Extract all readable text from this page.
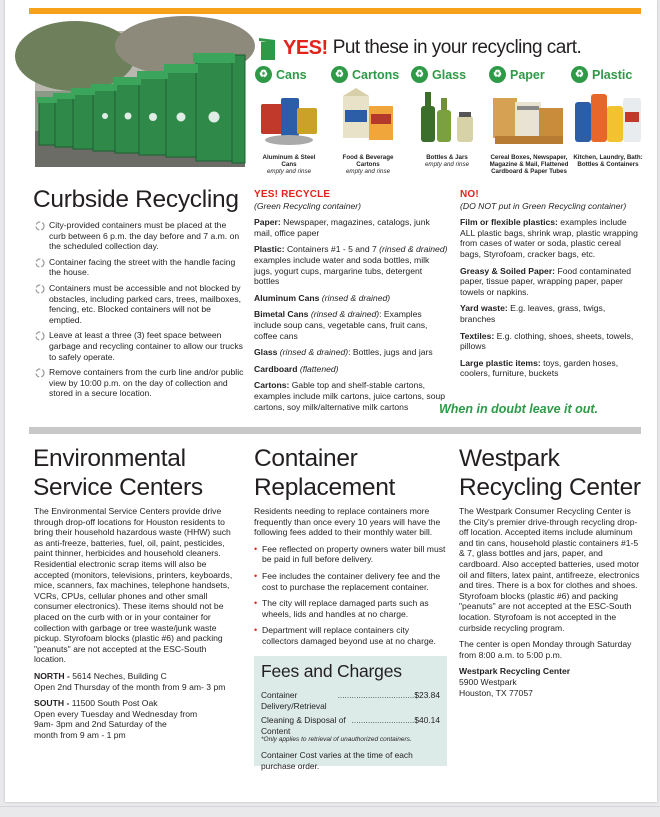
YES! Put these in your recycling cart.
♻ Cans
Aluminum & Steel Cans
empty and rinse
♻ Cartons
Food & Beverage Cartons
empty and rinse
♻ Glass
Bottles & Jars
empty and rinse
♻ Paper
Cereal Boxes, Newspaper, Magazine & Mail, Flattened Cardboard & Paper Tubes
♻ Plastic
Kitchen, Laundry, Bath: Bottles & Containers
Curbside Recycling
City-provided containers must be placed at the curb between 6 p.m. the day before and 7 a.m. on the scheduled collection day.
Container facing the street with the handle facing the house.
Containers must be accessible and not blocked by obstacles, including parked cars, trees, mailboxes, fencing, etc. Blocked containers will not be emptied.
Leave at least a three (3) feet space between garbage and recycling container to allow our trucks to safely operate.
Remove containers from the curb line and/or public view by 10:00 p.m. on the day of collection and stored in a secure location.
YES! RECYCLE
(Green Recycling container)

Paper: Newspaper, magazines, catalogs, junk mail, office paper

Plastic: Containers #1 - 5 and 7 (rinsed & drained) examples include water and soda bottles, milk jugs, yogurt cups, margarine tubs, detergent bottles

Aluminum Cans (rinsed & drained)

Bimetal Cans (rinsed & drained): Examples include soup cans, vegetable cans, fruit cans, coffee cans

Glass (rinsed & drained): Bottles, jugs and jars

Cardboard (flattened)

Cartons: Gable top and shelf-stable cartons, examples include milk cartons, juice cartons, soup cartons, soy milk/alternative milk cartons

NO!
(DO NOT put in Green Recycling container)

Film or flexible plastics: examples include ALL plastic bags, shrink wrap, plastic wrapping from cases of water or soda, plastic cereal bags, Styrofoam, cracker bags, etc.

Greasy & Soiled Paper: Food contaminated paper, tissue paper, wrapping paper, paper towels or napkins.

Yard waste: E.g. leaves, grass, twigs, branches

Textiles: E.g. clothing, shoes, sheets, towels, pillows

Large plastic items: toys, garden hoses, coolers, furniture, buckets

When in doubt leave it out.
Environmental
Service Centers

The Environmental Service Centers provide drive through drop-off locations for Houston residents to bring their household hazardous waste (HHW) such as anti-freeze, batteries, fuel, oil, paint, pesticides, paint thinner, herbicides and household cleaners. Residential electronic scrap items will also be accepted (monitors, televisions, printers, keyboards, mice, scanners, fax machines, telephone handsets, VCRs, CPUs, cellular phones and other small consumer electronics). These items should not be placed on the curb with or in your container for collection with garbage or tree waste/junk waste pickup. Styrofoam blocks (plastic #6) and packing "peanuts" are not accepted at the ESC-South location.

NORTH - 5614 Neches, Building C
Open 2nd Thursday of the month from 9 am- 3 pm

SOUTH - 11500 South Post Oak
Open every Tuesday and Wednesday from
9am- 3pm and 2nd Saturday of the
month from 9 am - 1 pm

Container
Replacement
Residents needing to replace containers more frequently than once every 10 years will have the following fees added to their monthly water bill.
• Fee reflected on property owners water bill must be paid in full before delivery.
• Fee includes the container delivery fee and the cost to purchase the replacement container.
• The city will replace damaged parts such as wheels, lids and handles at no charge.
• Department will replace containers city collectors damaged beyond use at no charge.
Fees and Charges
Container Delivery/Retrieval
................................. $23.84
Cleaning & Disposal of Content
........................... $40.14
*Only applies to retrieval of unauthorized containers.
Container Cost varies at the time of each purchase order.
Westpark
Recycling Center

The Westpark Consumer Recycling Center is the City's premier drive-through recycling drop-off location. Accepted items include aluminum and tin cans, household plastic containers #1-5 & 7, glass bottles and jars, paper, and cardboard. Also accepted batteries, used motor oil and filters, latex paint, antifreeze, electronics and tires. There is a box for clothes and shoes. Styrofoam blocks (plastic #6) and packing "peanuts" are not accepted at the ESC-South location. Styrofoam is not accepted in the curbside recycling program.

The center is open Monday through Saturday from 8:00 a.m. to 5:00 p.m.

Westpark Recycling Center
5900 Westpark
Houston, TX 77057
